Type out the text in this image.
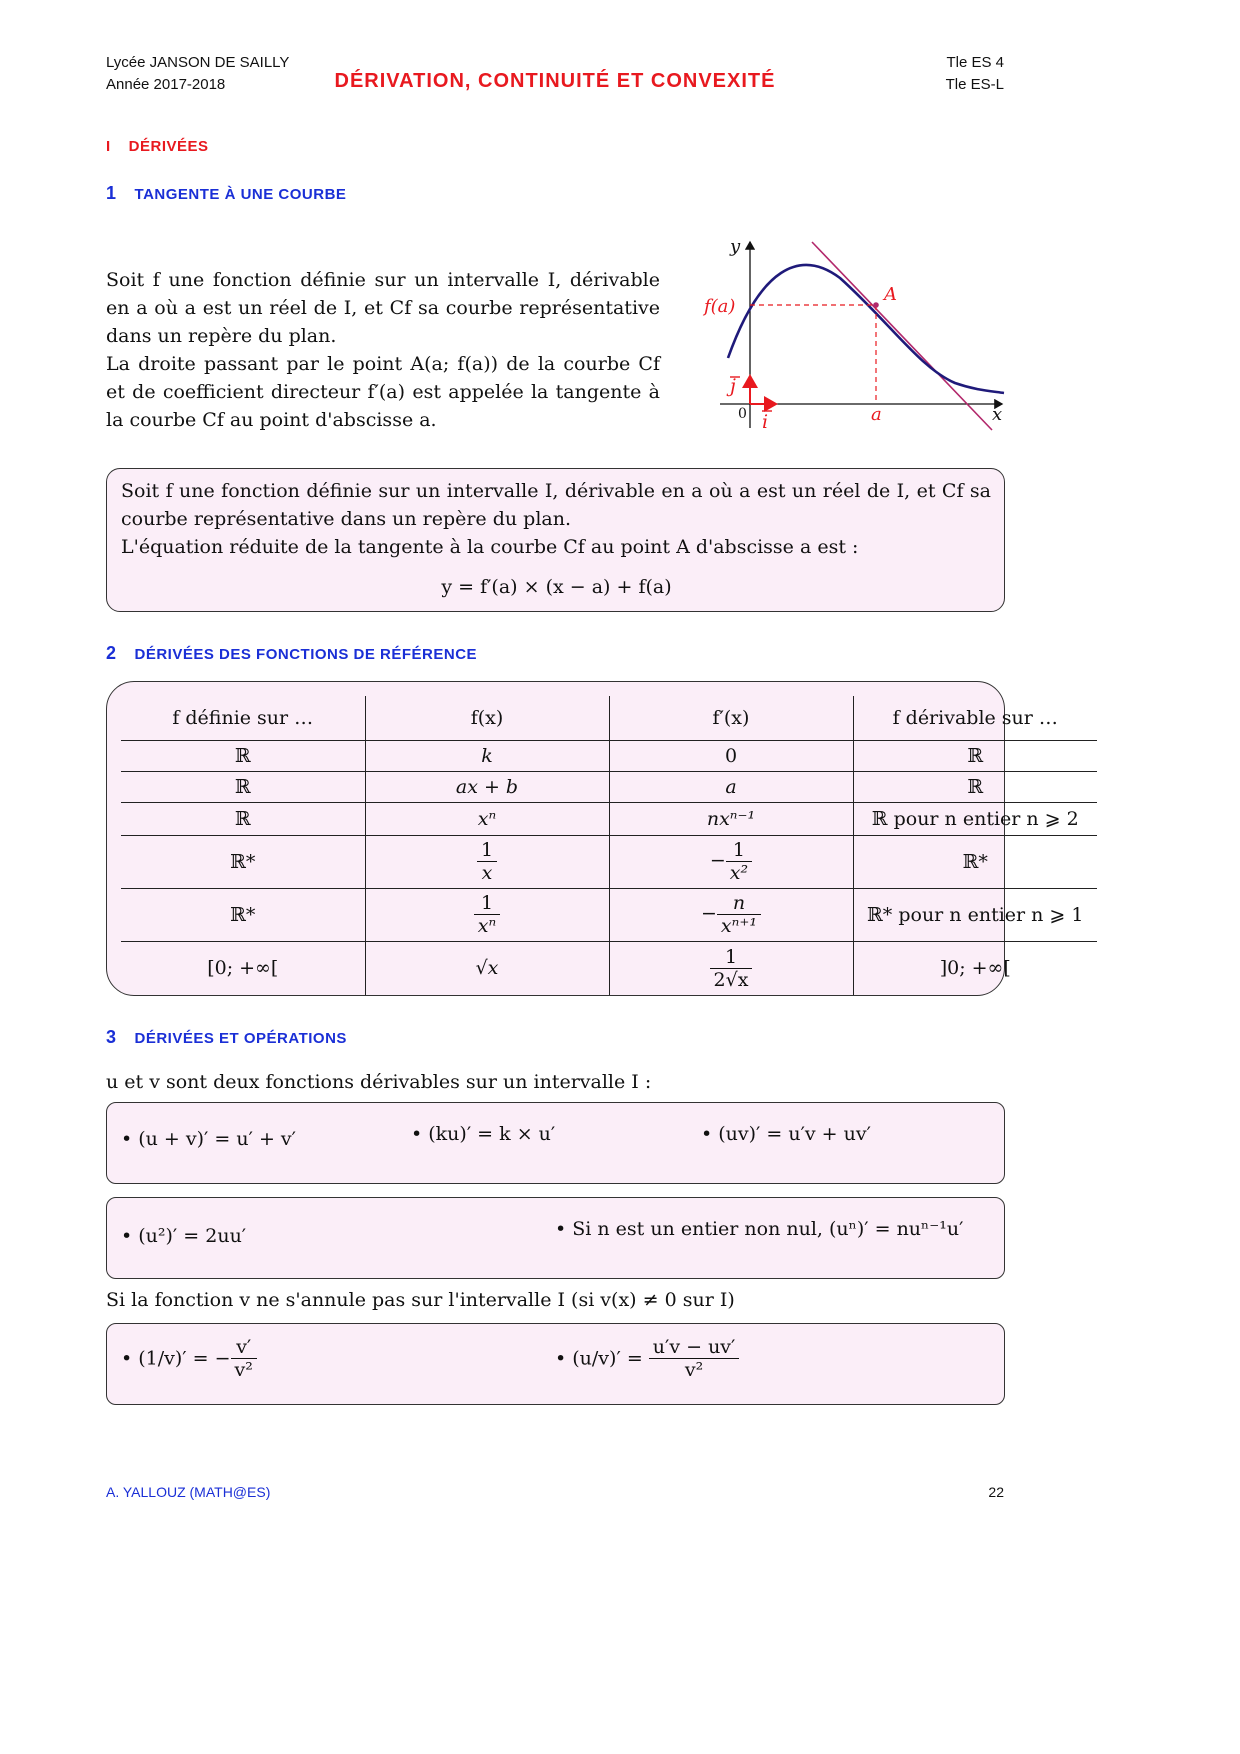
Lycée JANSON DE SAILLY
Année 2017-2018	DÉRIVATION, CONTINUITÉ ET CONVEXITÉ
Tle ES 4
Tle ES-L
I DÉRIVÉES
1 TANGENTE À UNE COURBE
Soit f une fonction définie sur un intervalle I, dérivable en a où a est un réel de I, et Cf sa courbe représentative dans un repère du plan.
La droite passant par le point A(a; f(a)) de la courbe Cf et de coefficient directeur f′(a) est appelée la tangente à la courbe Cf au point d'abscisse a.
y
x
0
f(a)
a
A
i
j
Soit f une fonction définie sur un intervalle I, dérivable en a où a est un réel de I, et Cf sa courbe représentative dans un repère du plan.
L'équation réduite de la tangente à la courbe Cf au point A d'abscisse a est :
y = f′(a) × (x − a) + f(a)
2 DÉRIVÉES DES FONCTIONS DE RÉFÉRENCE
f définie sur …	f(x)	f′(x)	f dérivable sur …
ℝ	k	0	ℝ
ℝ	ax + b	a	ℝ
ℝ	xⁿ	nxⁿ⁻¹	ℝ pour n entier n ⩾ 2
ℝ*	$\frac{1}{x}$	− $\frac{1}{\text{x²}}$	ℝ*
ℝ*	$\frac{1}{\text{xⁿ}}$	− $\frac{n}{\text{xⁿ⁺¹}}$	ℝ* pour n entier n ⩾ 1
[0; +∞[	√x	$\frac{1}{2√x}$	]0; +∞[
3 DÉRIVÉES ET OPÉRATIONS
u et v sont deux fonctions dérivables sur un intervalle I :
• (u + v)′ = u′ + v′	• (ku)′ = k × u′	• (uv)′ = u′v + uv′
• (u²)′ = 2uu′	• Si n est un entier non nul, (uⁿ)′ = nuⁿ⁻¹u′
Si la fonction v ne s'annule pas sur l'intervalle I (si v(x) ≠ 0 sur I)
• (1/v)′ = − $\frac{v'}{\text{v²}}$	• $(u/v)' = \frac{u'v - uv'}{\text{v²}}$
A. YALLOUZ (MATH@ES)	22
